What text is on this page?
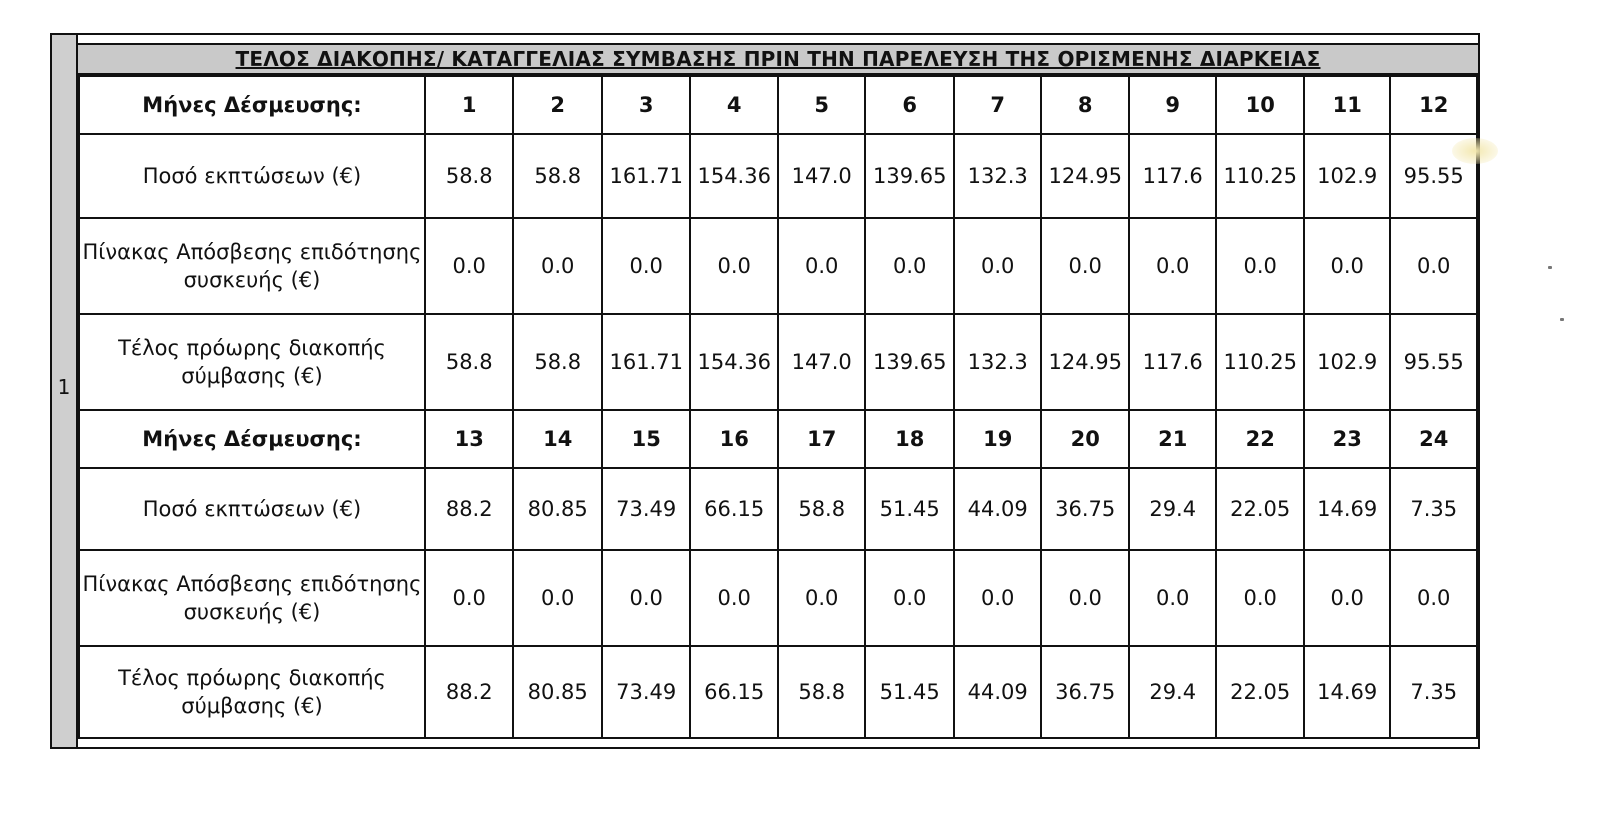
1
ΤΕΛΟΣ ΔΙΑΚΟΠΗΣ/ ΚΑΤΑΓΓΕΛΙΑΣ ΣΥΜΒΑΣΗΣ ΠΡΙΝ ΤΗΝ ΠΑΡΕΛΕΥΣΗ ΤΗΣ ΟΡΙΣΜΕΝΗΣ ΔΙΑΡΚΕΙΑΣ
Μήνες Δέσμευσης:	1	2	3	4	5	6	7	8	9	10	11	12
Ποσό εκπτώσεων (€)	58.8	58.8	161.71	154.36	147.0	139.65	132.3	124.95	117.6	110.25	102.9	95.55
Πίνακας Απόσβεσης επιδότησης συσκευής (€)	0.0	0.0	0.0	0.0	0.0	0.0	0.0	0.0	0.0	0.0	0.0	0.0
Τέλος πρόωρης διακοπής σύμβασης (€)	58.8	58.8	161.71	154.36	147.0	139.65	132.3	124.95	117.6	110.25	102.9	95.55
Μήνες Δέσμευσης:	13	14	15	16	17	18	19	20	21	22	23	24
Ποσό εκπτώσεων (€)	88.2	80.85	73.49	66.15	58.8	51.45	44.09	36.75	29.4	22.05	14.69	7.35
Πίνακας Απόσβεσης επιδότησης συσκευής (€)	0.0	0.0	0.0	0.0	0.0	0.0	0.0	0.0	0.0	0.0	0.0	0.0
Τέλος πρόωρης διακοπής σύμβασης (€)	88.2	80.85	73.49	66.15	58.8	51.45	44.09	36.75	29.4	22.05	14.69	7.35
